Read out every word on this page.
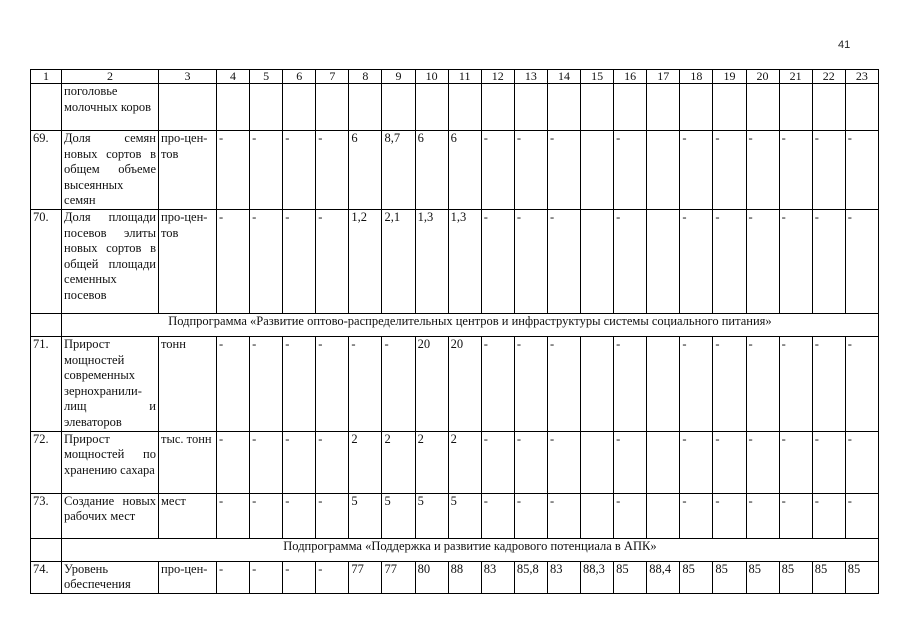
41
1	2	3	4	5	6	7	8	9	10	11	12	13	14	15	16	17	18	19	20	21	22	23
	поголовье молочных коров																					
69.	Доля семян новых сортов в общем объеме высеянных семян	про-цен-тов	-	-	-	-	6	8,7	6	6	-	-	-		-		-	-	-	-	-	-
70.	Доля площади посевов элиты новых сортов в общей площади семенных посевов	про-цен-тов	-	-	-	-	1,2	2,1	1,3	1,3	-	-	-		-		-	-	-	-	-	-
	Подпрограмма «Развитие оптово-распределительных центров и инфраструктуры системы социального питания»																					
71.	Прирост мощностей современных зернохранили-лищ и элеваторов	тонн	-	-	-	-	-	-	20	20	-	-	-		-		-	-	-	-	-	-
72.	Прирост мощностей по хранению сахара	тыс. тонн	-	-	-	-	2	2	2	2	-	-	-		-		-	-	-	-	-	-
73.	Создание новых рабочих мест	мест	-	-	-	-	5	5	5	5	-	-	-		-		-	-	-	-	-	-
	Подпрограмма «Поддержка и развитие кадрового потенциала в АПК»																					
74.	Уровень обеспечения	про-цен-	-	-	-	-	77	77	80	88	83	85,8	83	88,3	85	88,4	85	85	85	85	85	85
